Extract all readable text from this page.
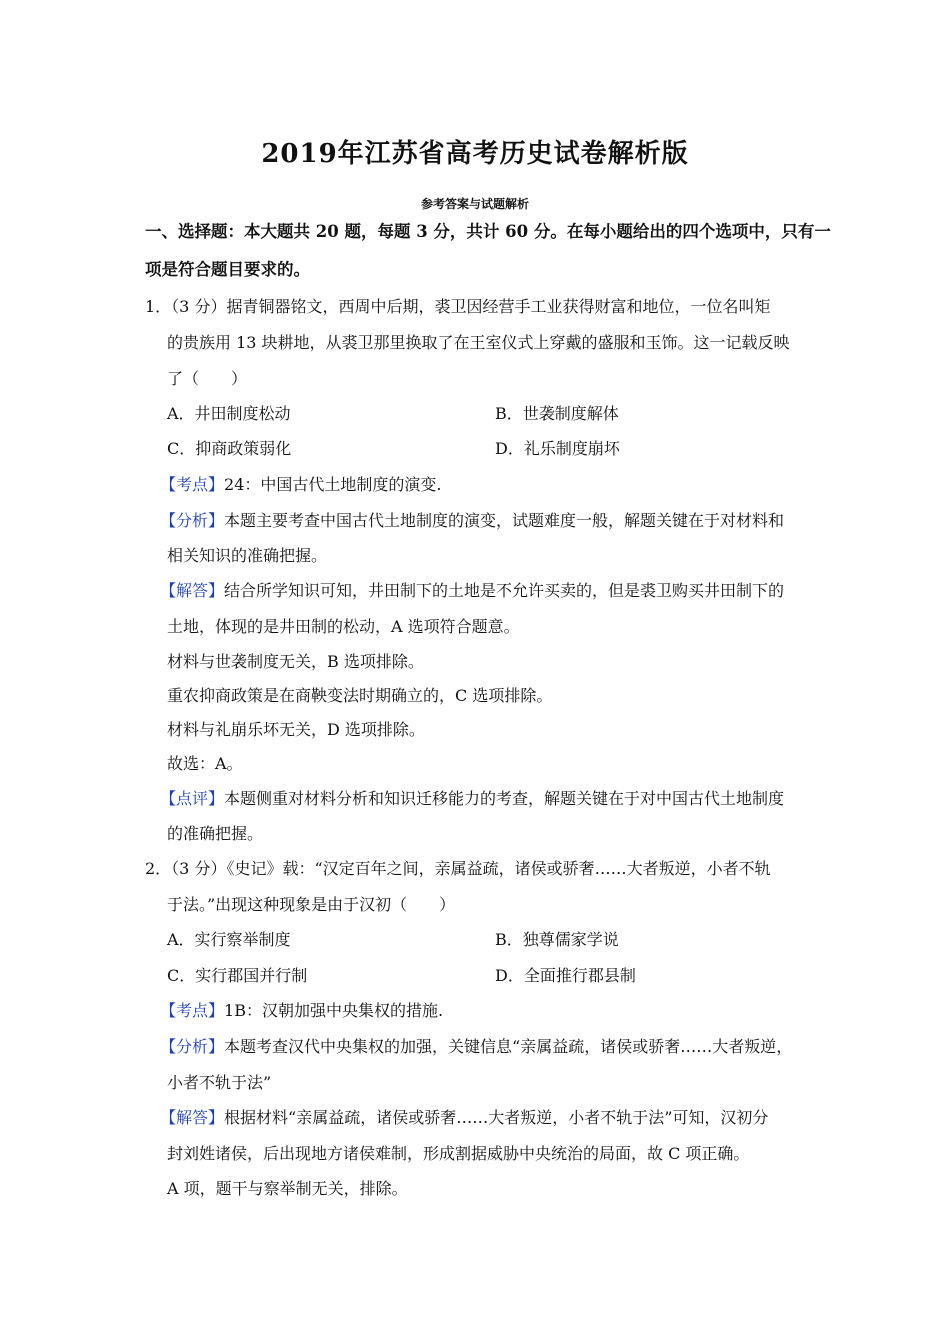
2019年江苏省高考历史试卷解析版
参考答案与试题解析
一、选择题：本大题共 20 题，每题 3 分，共计 60 分。在每小题给出的四个选项中，只有一
项是符合题目要求的。
1．（3 分）据青铜器铭文，西周中后期，裘卫因经营手工业获得财富和地位，一位名叫矩
的贵族用 13 块耕地，从裘卫那里换取了在王室仪式上穿戴的盛服和玉饰。这一记载反映
了（　　）
A．井田制度松动	B．世袭制度解体
C．抑商政策弱化	D．礼乐制度崩坏
【考点】24：中国古代土地制度的演变.
【分析】本题主要考查中国古代土地制度的演变，试题难度一般，解题关键在于对材料和
相关知识的准确把握。
【解答】结合所学知识可知，井田制下的土地是不允许买卖的，但是裘卫购买井田制下的
土地，体现的是井田制的松动，A 选项符合题意。
材料与世袭制度无关，B 选项排除。
重农抑商政策是在商鞅变法时期确立的，C 选项排除。
材料与礼崩乐坏无关，D 选项排除。
故选：A。
【点评】本题侧重对材料分析和知识迁移能力的考查，解题关键在于对中国古代土地制度
的准确把握。
2．（3 分）《史记》载：“汉定百年之间，亲属益疏，诸侯或骄奢……大者叛逆，小者不轨
于法。”出现这种现象是由于汉初（　　）
A．实行察举制度	B．独尊儒家学说
C．实行郡国并行制	D．全面推行郡县制
【考点】1B：汉朝加强中央集权的措施.
【分析】本题考查汉代中央集权的加强，关键信息“亲属益疏，诸侯或骄奢……大者叛逆，
小者不轨于法”
【解答】根据材料“亲属益疏，诸侯或骄奢……大者叛逆，小者不轨于法”可知，汉初分
封刘姓诸侯，后出现地方诸侯难制，形成割据威胁中央统治的局面，故 C 项正确。
A 项，题干与察举制无关，排除。
